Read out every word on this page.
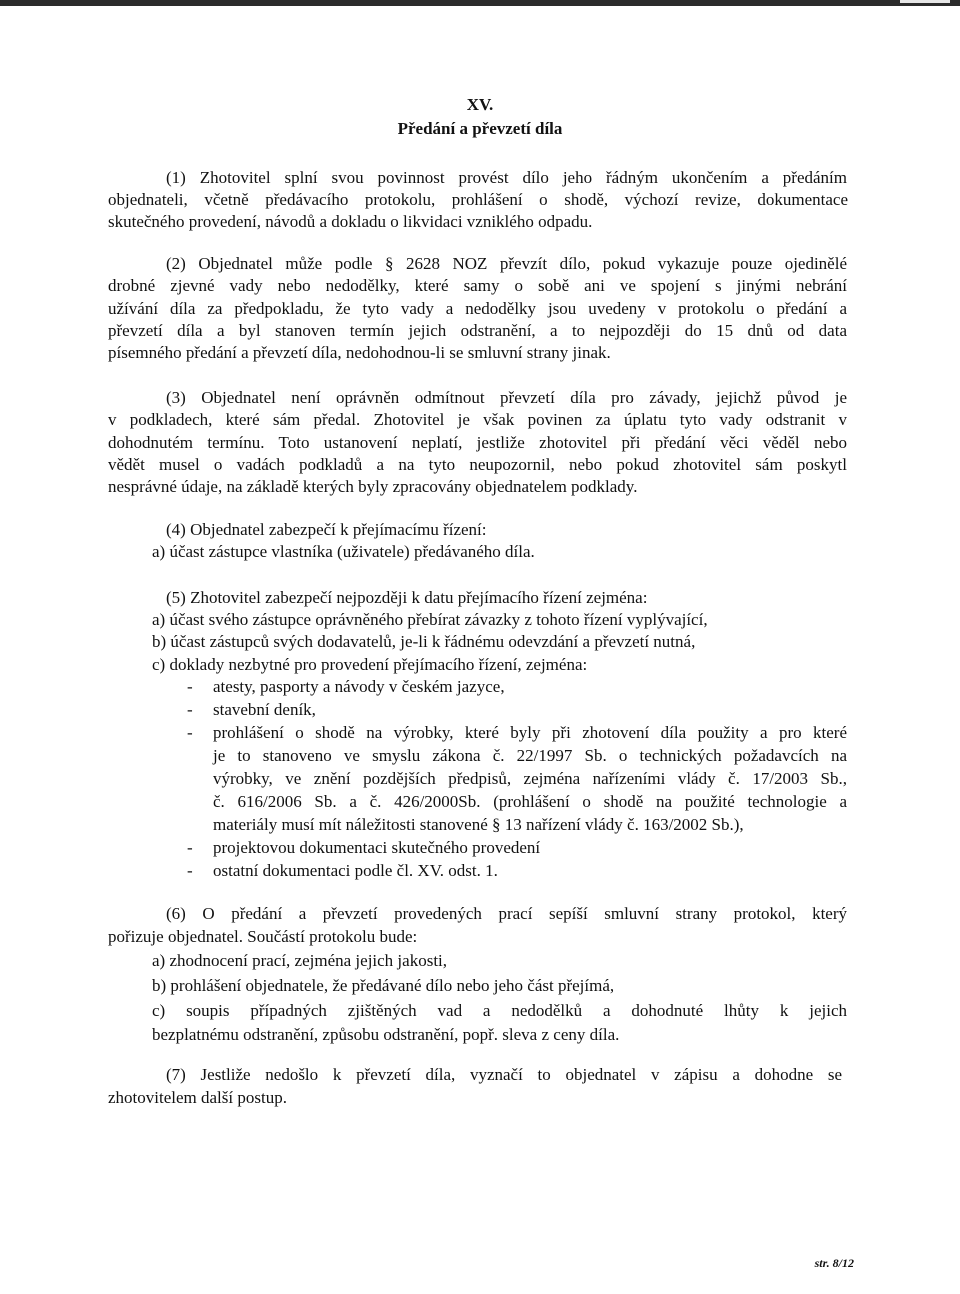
XV.
Předání a převzetí díla
(1) Zhotovitel splní svou povinnost provést dílo jeho řádným ukončením a předáním
objednateli, včetně předávacího protokolu, prohlášení o shodě, výchozí revize, dokumentace
skutečného provedení, návodů a dokladu o likvidaci vzniklého odpadu.
(2) Objednatel může podle § 2628 NOZ převzít dílo, pokud vykazuje pouze ojedinělé
drobné zjevné vady nebo nedodělky, které samy o sobě ani ve spojení s jinými nebrání
užívání díla za předpokladu, že tyto vady a nedodělky jsou uvedeny v protokolu o předání a
převzetí díla a byl stanoven termín jejich odstranění, a to nejpozději do 15 dnů od data
písemného předání a převzetí díla, nedohodnou-li se smluvní strany jinak.
(3) Objednatel není oprávněn odmítnout převzetí díla pro závady, jejichž původ je
v podkladech, které sám předal. Zhotovitel je však povinen za úplatu tyto vady odstranit v
dohodnutém termínu. Toto ustanovení neplatí, jestliže zhotovitel při předání věci věděl nebo
vědět musel o vadách podkladů a na tyto neupozornil, nebo pokud zhotovitel sám poskytl
nesprávné údaje, na základě kterých byly zpracovány objednatelem podklady.
(4) Objednatel zabezpečí k přejímacímu řízení:
a) účast zástupce vlastníka (uživatele) předávaného díla.
(5) Zhotovitel zabezpečí nejpozději k datu přejímacího řízení zejména:
a) účast svého zástupce oprávněného přebírat závazky z tohoto řízení vyplývající,
b) účast zástupců svých dodavatelů, je-li k řádnému odevzdání a převzetí nutná,
c) doklady nezbytné pro provedení přejímacího řízení, zejména:
- atesty, pasporty a návody v českém jazyce,
- stavební deník,
- prohlášení o shodě na výrobky, které byly při zhotovení díla použity a pro které
je to stanoveno ve smyslu zákona č. 22/1997 Sb. o technických požadavcích na
výrobky, ve znění pozdějších předpisů, zejména nařízeními vlády č. 17/2003 Sb.,
č. 616/2006 Sb. a č. 426/2000Sb. (prohlášení o shodě na použité technologie a
materiály musí mít náležitosti stanovené § 13 nařízení vlády č. 163/2002 Sb.),
- projektovou dokumentaci skutečného provedení
- ostatní dokumentaci podle čl. XV. odst. 1.
(6) O předání a převzetí provedených prací sepíší smluvní strany protokol, který
pořizuje objednatel. Součástí protokolu bude:
a) zhodnocení prací, zejména jejich jakosti,
b) prohlášení objednatele, že předávané dílo nebo jeho část přejímá,
c) soupis případných zjištěných vad a nedodělků a dohodnuté lhůty k jejich
bezplatnému odstranění, způsobu odstranění, popř. sleva z ceny díla.
(7) Jestliže nedošlo k převzetí díla, vyznačí to objednatel v zápisu a dohodne se
zhotovitelem další postup.
str. 8/12
